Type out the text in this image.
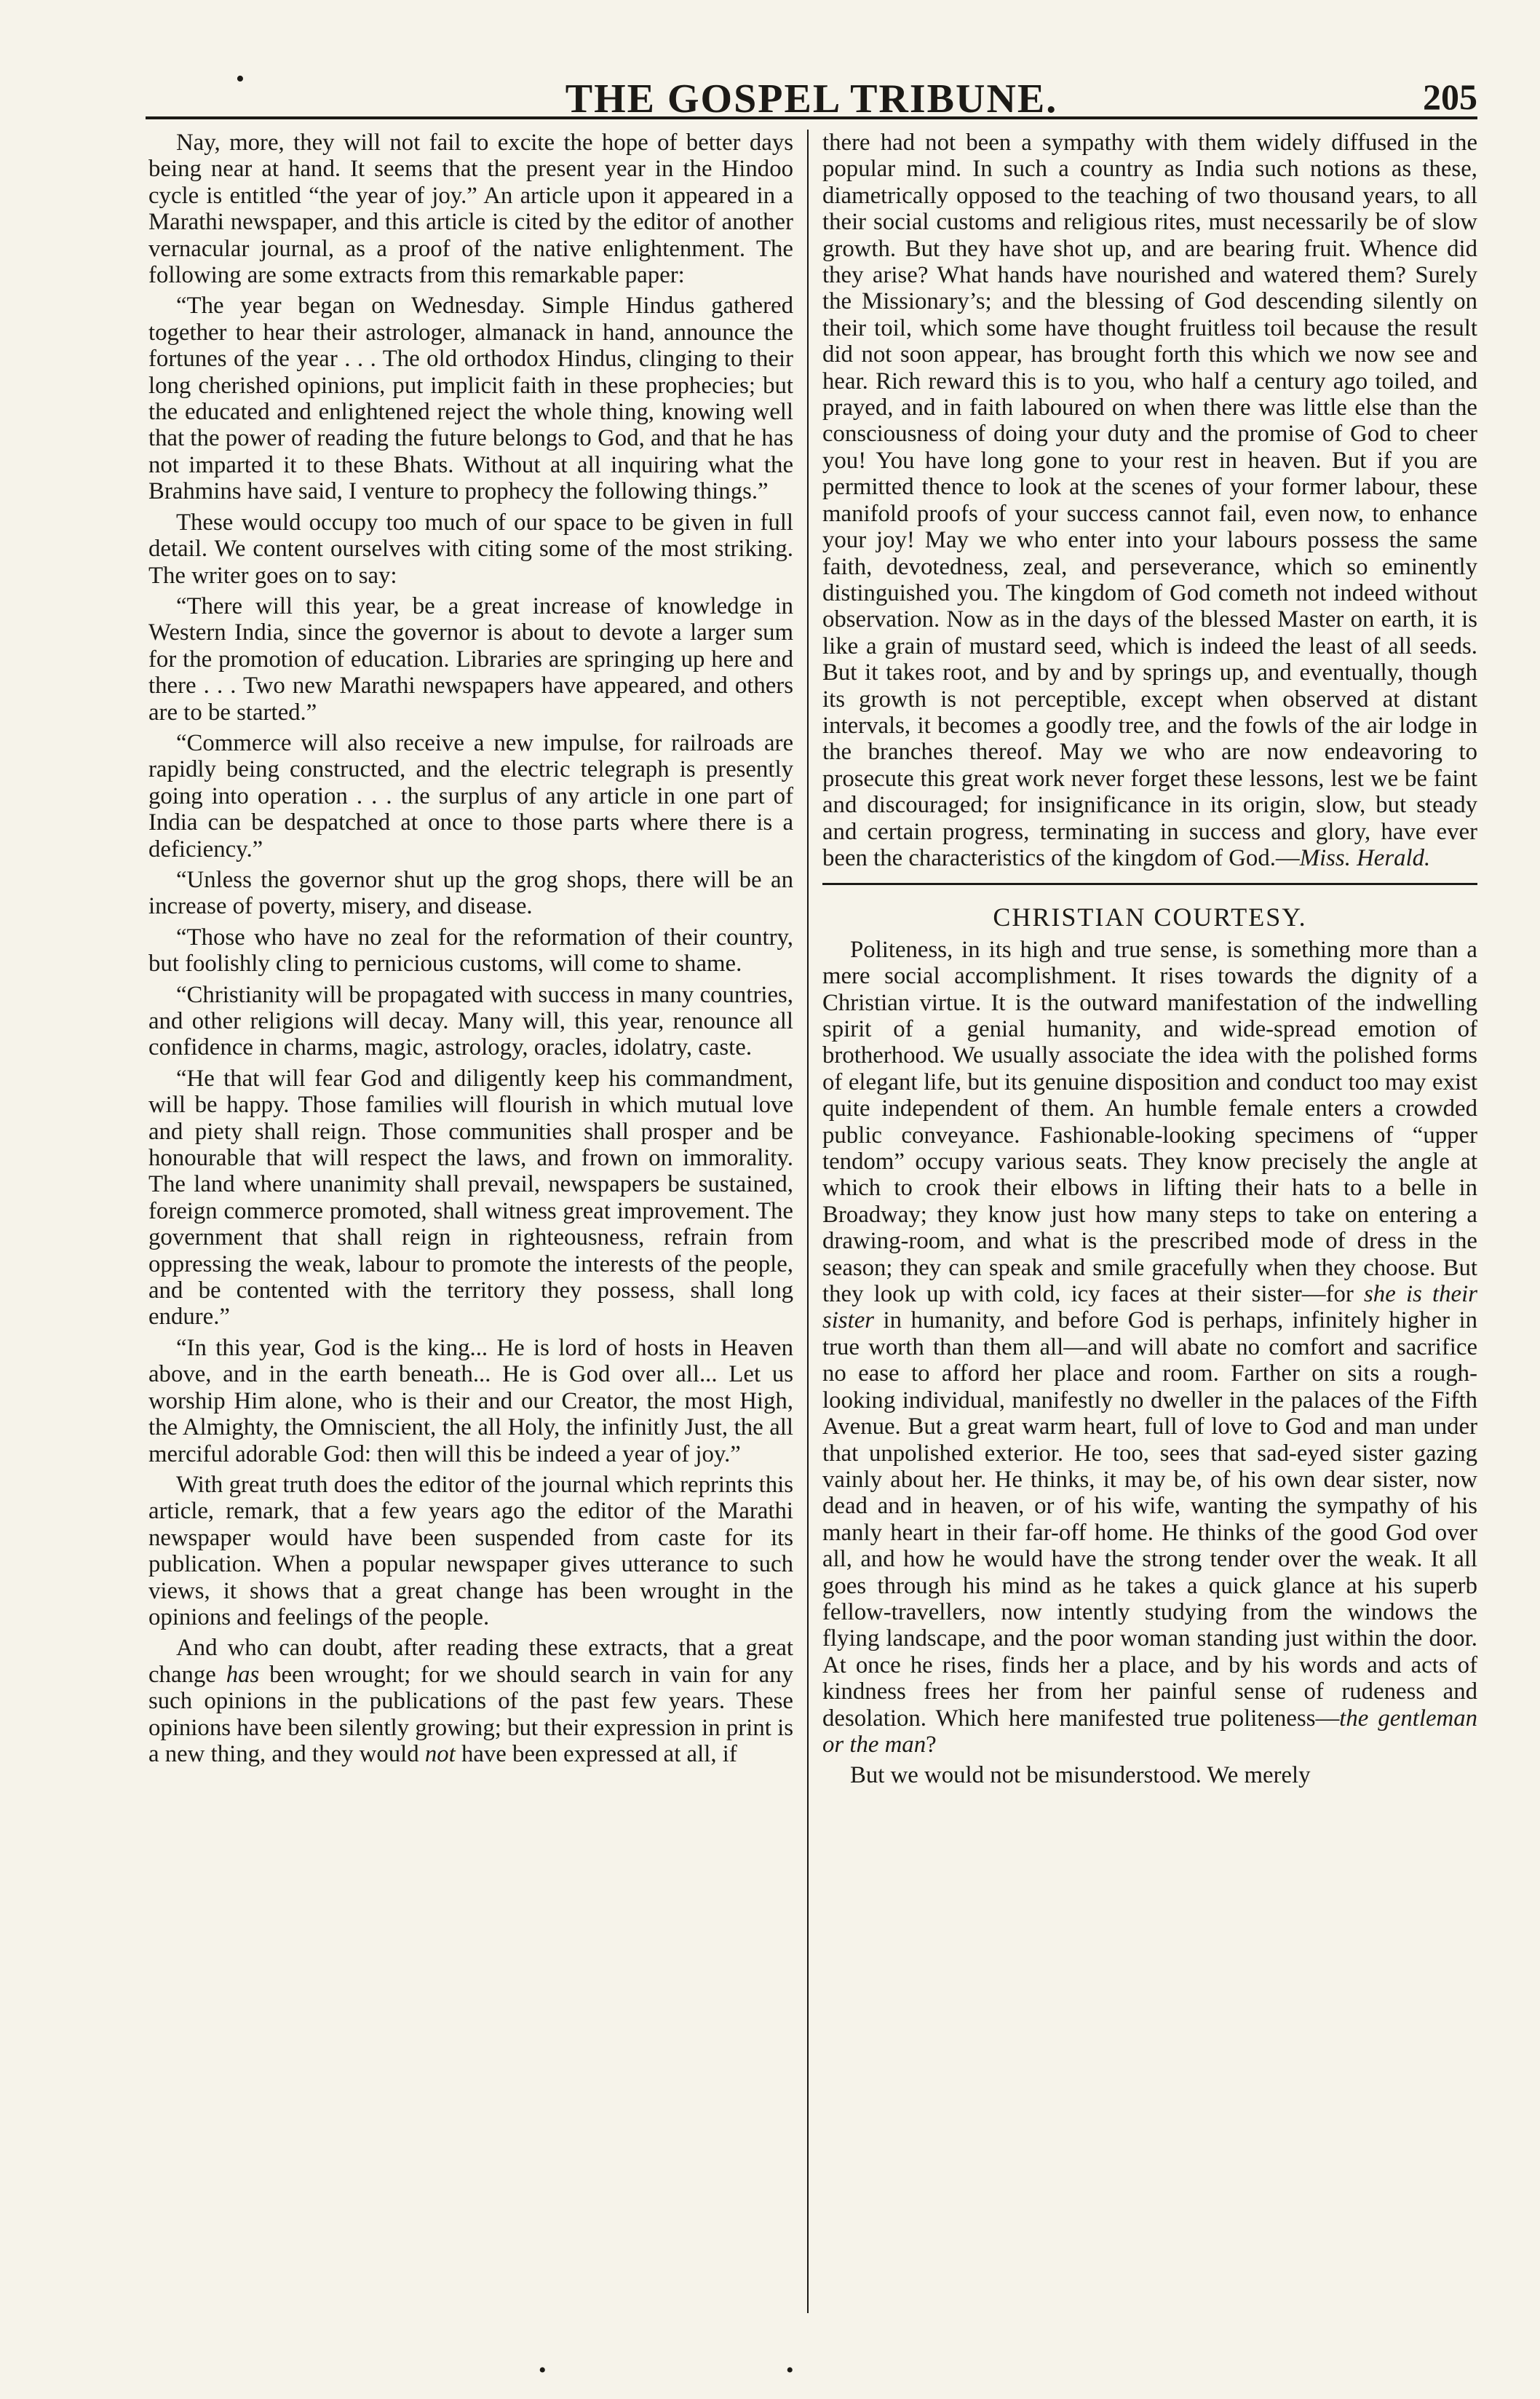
•	THE GOSPEL TRIBUNE.	205

Nay, more, they will not fail to excite the hope of better days being near at hand. It seems that the present year in the Hindoo cycle is entitled “the year of joy.” An article upon it appeared in a Marathi newspaper, and this article is cited by the editor of another vernacular journal, as a proof of the native enlightenment. The following are some extracts from this remarkable paper:

“The year began on Wednesday. Simple Hindus gathered together to hear their astrologer, almanack in hand, announce the fortunes of the year . . . The old orthodox Hindus, clinging to their long cherished opinions, put implicit faith in these prophecies; but the educated and enlightened reject the whole thing, knowing well that the power of reading the future belongs to God, and that he has not imparted it to these Bhats. Without at all inquiring what the Brahmins have said, I venture to prophecy the following things.”

These would occupy too much of our space to be given in full detail. We content ourselves with citing some of the most striking. The writer goes on to say:

“There will this year, be a great increase of knowledge in Western India, since the governor is about to devote a larger sum for the promotion of education. Libraries are springing up here and there . . . Two new Marathi newspapers have appeared, and others are to be started.”

“Commerce will also receive a new impulse, for railroads are rapidly being constructed, and the electric telegraph is presently going into operation . . . the surplus of any article in one part of India can be despatched at once to those parts where there is a deficiency.”

“Unless the governor shut up the grog shops, there will be an increase of poverty, misery, and disease.

“Those who have no zeal for the reformation of their country, but foolishly cling to pernicious customs, will come to shame.

“Christianity will be propagated with success in many countries, and other religions will decay. Many will, this year, renounce all confidence in charms, magic, astrology, oracles, idolatry, caste.

“He that will fear God and diligently keep his commandment, will be happy. Those families will flourish in which mutual love and piety shall reign. Those communities shall prosper and be honourable that will respect the laws, and frown on immorality. The land where unanimity shall prevail, newspapers be sustained, foreign commerce promoted, shall witness great improvement. The government that shall reign in righteousness, refrain from oppressing the weak, labour to promote the interests of the people, and be contented with the territory they possess, shall long endure.”

“In this year, God is the king... He is lord of hosts in Heaven above, and in the earth beneath... He is God over all... Let us worship Him alone, who is their and our Creator, the most High, the Almighty, the Omniscient, the all Holy, the infinitly Just, the all merciful adorable God: then will this be indeed a year of joy.”

With great truth does the editor of the journal which reprints this article, remark, that a few years ago the editor of the Marathi newspaper would have been suspended from caste for its publication. When a popular newspaper gives utterance to such views, it shows that a great change has been wrought in the opinions and feelings of the people.

And who can doubt, after reading these extracts, that a great change has been wrought; for we should search in vain for any such opinions in the publications of the past few years. These opinions have been silently growing; but their expression in print is a new thing, and they would not have been expressed at all, if

there had not been a sympathy with them widely diffused in the popular mind. In such a country as India such notions as these, diametrically opposed to the teaching of two thousand years, to all their social customs and religious rites, must necessarily be of slow growth. But they have shot up, and are bearing fruit. Whence did they arise? What hands have nourished and watered them? Surely the Missionary’s; and the blessing of God descending silently on their toil, which some have thought fruitless toil because the result did not soon appear, has brought forth this which we now see and hear. Rich reward this is to you, who half a century ago toiled, and prayed, and in faith laboured on when there was little else than the consciousness of doing your duty and the promise of God to cheer you! You have long gone to your rest in heaven. But if you are permitted thence to look at the scenes of your former labour, these manifold proofs of your success cannot fail, even now, to enhance your joy! May we who enter into your labours possess the same faith, devotedness, zeal, and perseverance, which so eminently distinguished you. The kingdom of God cometh not indeed without observation. Now as in the days of the blessed Master on earth, it is like a grain of mustard seed, which is indeed the least of all seeds. But it takes root, and by and by springs up, and eventually, though its growth is not perceptible, except when observed at distant intervals, it becomes a goodly tree, and the fowls of the air lodge in the branches thereof. May we who are now endeavoring to prosecute this great work never forget these lessons, lest we be faint and discouraged; for insignificance in its origin, slow, but steady and certain progress, terminating in success and glory, have ever been the characteristics of the kingdom of God.—Miss. Herald.

CHRISTIAN COURTESY.

Politeness, in its high and true sense, is something more than a mere social accomplishment. It rises towards the dignity of a Christian virtue. It is the outward manifestation of the indwelling spirit of a genial humanity, and wide-spread emotion of brotherhood. We usually associate the idea with the polished forms of elegant life, but its genuine disposition and conduct too may exist quite independent of them. An humble female enters a crowded public conveyance. Fashionable-looking specimens of “upper tendom” occupy various seats. They know precisely the angle at which to crook their elbows in lifting their hats to a belle in Broadway; they know just how many steps to take on entering a drawing-room, and what is the prescribed mode of dress in the season; they can speak and smile gracefully when they choose. But they look up with cold, icy faces at their sister—for she is their sister in humanity, and before God is perhaps, infinitely higher in true worth than them all—and will abate no comfort and sacrifice no ease to afford her place and room. Farther on sits a rough-looking individual, manifestly no dweller in the palaces of the Fifth Avenue. But a great warm heart, full of love to God and man under that unpolished exterior. He too, sees that sad-eyed sister gazing vainly about her. He thinks, it may be, of his own dear sister, now dead and in heaven, or of his wife, wanting the sympathy of his manly heart in their far-off home. He thinks of the good God over all, and how he would have the strong tender over the weak. It all goes through his mind as he takes a quick glance at his superb fellow-travellers, now intently studying from the windows the flying landscape, and the poor woman standing just within the door. At once he rises, finds her a place, and by his words and acts of kindness frees her from her painful sense of rudeness and desolation. Which here manifested true politeness—the gentleman or the man?

But we would not be misunderstood. We merely

•	•
